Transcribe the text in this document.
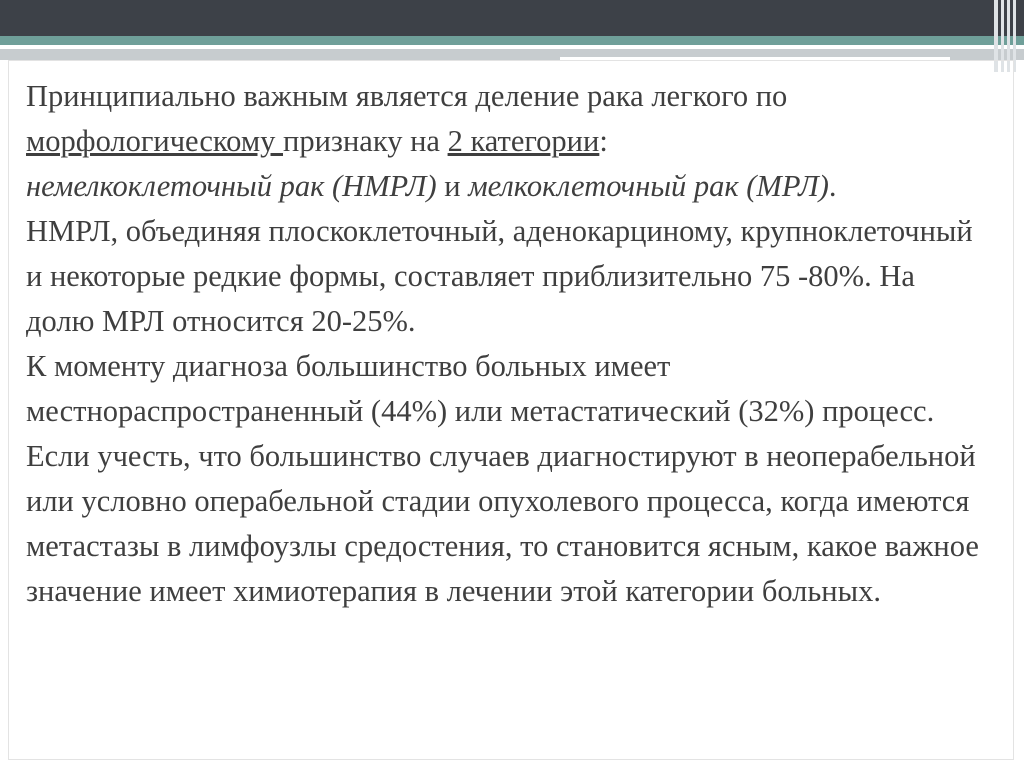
Принципиально важным является деление рака легкого по
морфологическому признаку на 2 категории:
немелкоклеточный рак (НМРЛ) и мелкоклеточный рак (МРЛ).

НМРЛ, объединяя плоскоклеточный, аденокарциному, крупноклеточный и некоторые редкие формы, составляет приблизительно 75 -80%. На долю МРЛ относится 20-25%.

К моменту диагноза большинство больных имеет местнораспространенный (44%) или метастатический (32%) процесс.

Если учесть, что большинство случаев диагностируют в неоперабельной или условно операбельной стадии опухолевого процесса, когда имеются метастазы в лимфоузлы средостения, то становится ясным, какое важное значение имеет химиотерапия в лечении этой категории больных.
